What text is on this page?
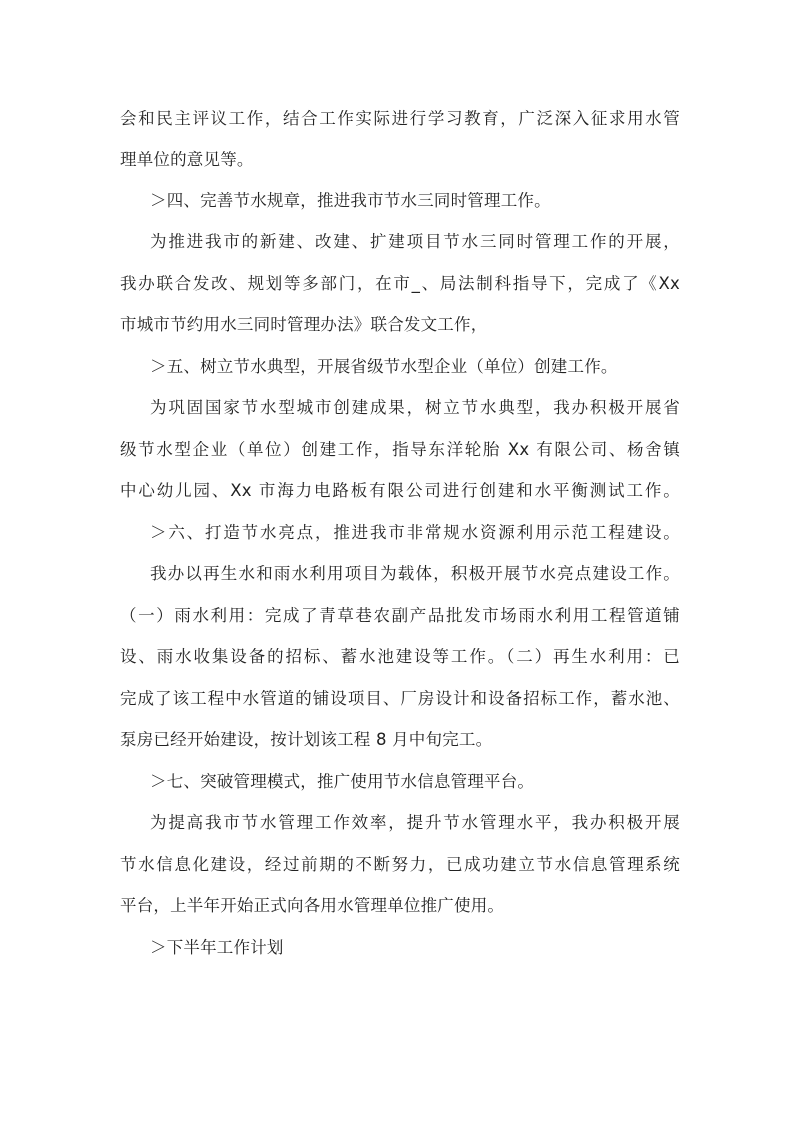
会和民主评议工作，结合工作实际进行学习教育，广泛深入征求用水管
理单位的意见等。
＞四、完善节水规章，推进我市节水三同时管理工作。
为推进我市的新建、改建、扩建项目节水三同时管理工作的开展，
我办联合发改、规划等多部门，在市_、局法制科指导下，完成了《Xx
市城市节约用水三同时管理办法》联合发文工作，
＞五、树立节水典型，开展省级节水型企业（单位）创建工作。
为巩固国家节水型城市创建成果，树立节水典型，我办积极开展省
级节水型企业（单位）创建工作，指导东洋轮胎 Xx 有限公司、杨舍镇
中心幼儿园、Xx 市海力电路板有限公司进行创建和水平衡测试工作。
＞六、打造节水亮点，推进我市非常规水资源利用示范工程建设。
我办以再生水和雨水利用项目为载体，积极开展节水亮点建设工作。
（一）雨水利用：完成了青草巷农副产品批发市场雨水利用工程管道铺
设、雨水收集设备的招标、蓄水池建设等工作。（二）再生水利用：已
完成了该工程中水管道的铺设项目、厂房设计和设备招标工作，蓄水池、
泵房已经开始建设，按计划该工程 8 月中旬完工。
＞七、突破管理模式，推广使用节水信息管理平台。
为提高我市节水管理工作效率，提升节水管理水平，我办积极开展
节水信息化建设，经过前期的不断努力，已成功建立节水信息管理系统
平台，上半年开始正式向各用水管理单位推广使用。
＞下半年工作计划
